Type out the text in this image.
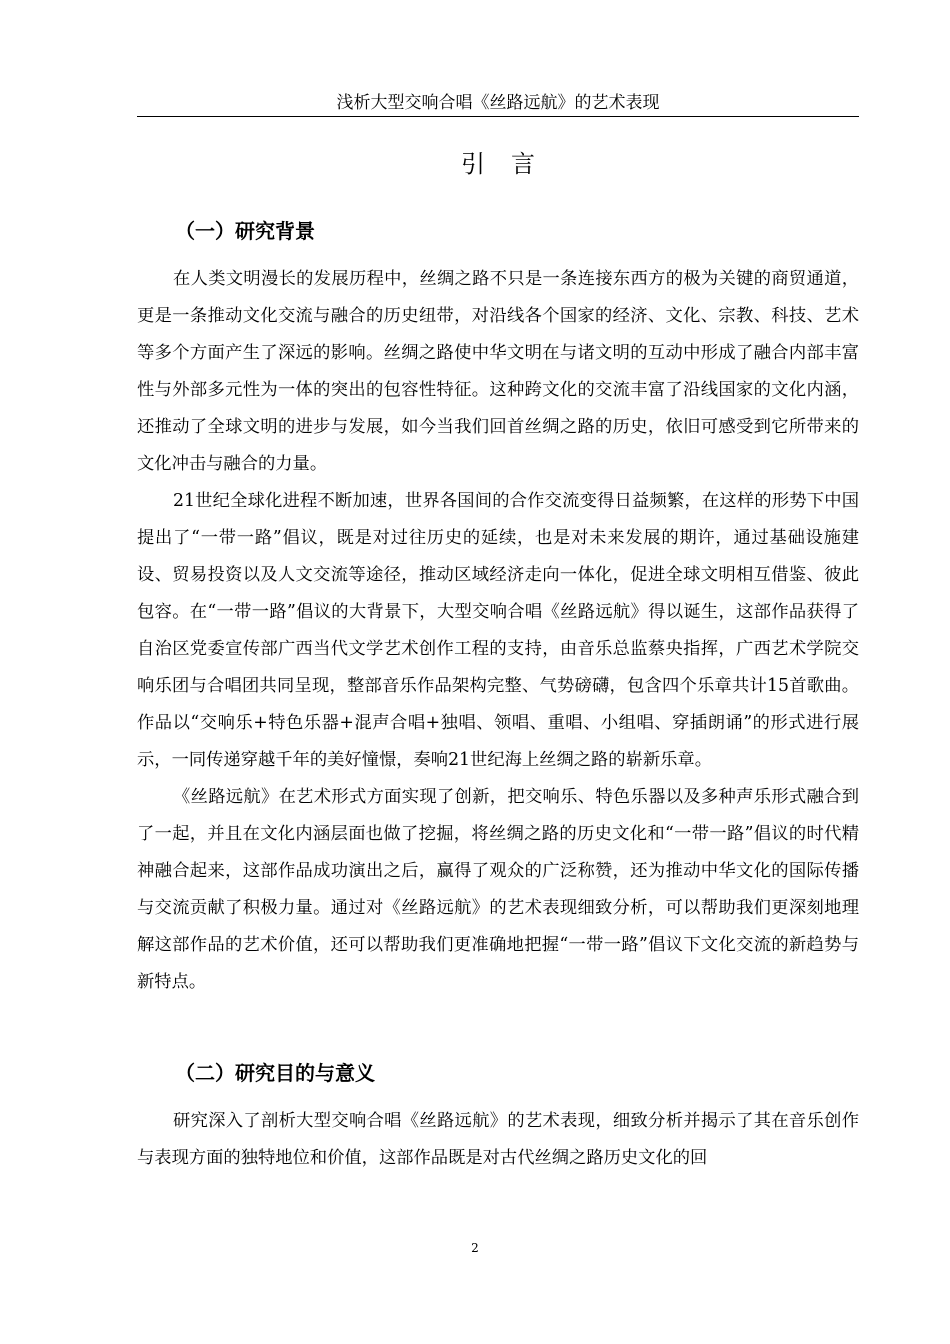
浅析大型交响合唱《丝路远航》的艺术表现
引言
（一）研究背景

在人类文明漫长的发展历程中，丝绸之路不只是一条连接东西方的极为关键的商贸通道，更是一条推动文化交流与融合的历史纽带，对沿线各个国家的经济、文化、宗教、科技、艺术等多个方面产生了深远的影响。丝绸之路使中华文明在与诸文明的互动中形成了融合内部丰富性与外部多元性为一体的突出的包容性特征。这种跨文化的交流丰富了沿线国家的文化内涵，还推动了全球文明的进步与发展，如今当我们回首丝绸之路的历史，依旧可感受到它所带来的文化冲击与融合的力量。

21世纪全球化进程不断加速，世界各国间的合作交流变得日益频繁，在这样的形势下中国提出了“一带一路”倡议，既是对过往历史的延续，也是对未来发展的期许，通过基础设施建设、贸易投资以及人文交流等途径，推动区域经济走向一体化，促进全球文明相互借鉴、彼此包容。在“一带一路”倡议的大背景下，大型交响合唱《丝路远航》得以诞生，这部作品获得了自治区党委宣传部广西当代文学艺术创作工程的支持，由音乐总监蔡央指挥，广西艺术学院交响乐团与合唱团共同呈现，整部音乐作品架构完整、气势磅礴，包含四个乐章共计15首歌曲。作品以“交响乐+特色乐器+混声合唱+独唱、领唱、重唱、小组唱、穿插朗诵”的形式进行展示，一同传递穿越千年的美好憧憬，奏响21世纪海上丝绸之路的崭新乐章。

《丝路远航》在艺术形式方面实现了创新，把交响乐、特色乐器以及多种声乐形式融合到了一起，并且在文化内涵层面也做了挖掘，将丝绸之路的历史文化和“一带一路”倡议的时代精神融合起来，这部作品成功演出之后，赢得了观众的广泛称赞，还为推动中华文化的国际传播与交流贡献了积极力量。通过对《丝路远航》的艺术表现细致分析，可以帮助我们更深刻地理解这部作品的艺术价值，还可以帮助我们更准确地把握“一带一路”倡议下文化交流的新趋势与新特点。

（二）研究目的与意义

研究深入了剖析大型交响合唱《丝路远航》的艺术表现，细致分析并揭示了其在音乐创作与表现方面的独特地位和价值，这部作品既是对古代丝绸之路历史文化的回

2
